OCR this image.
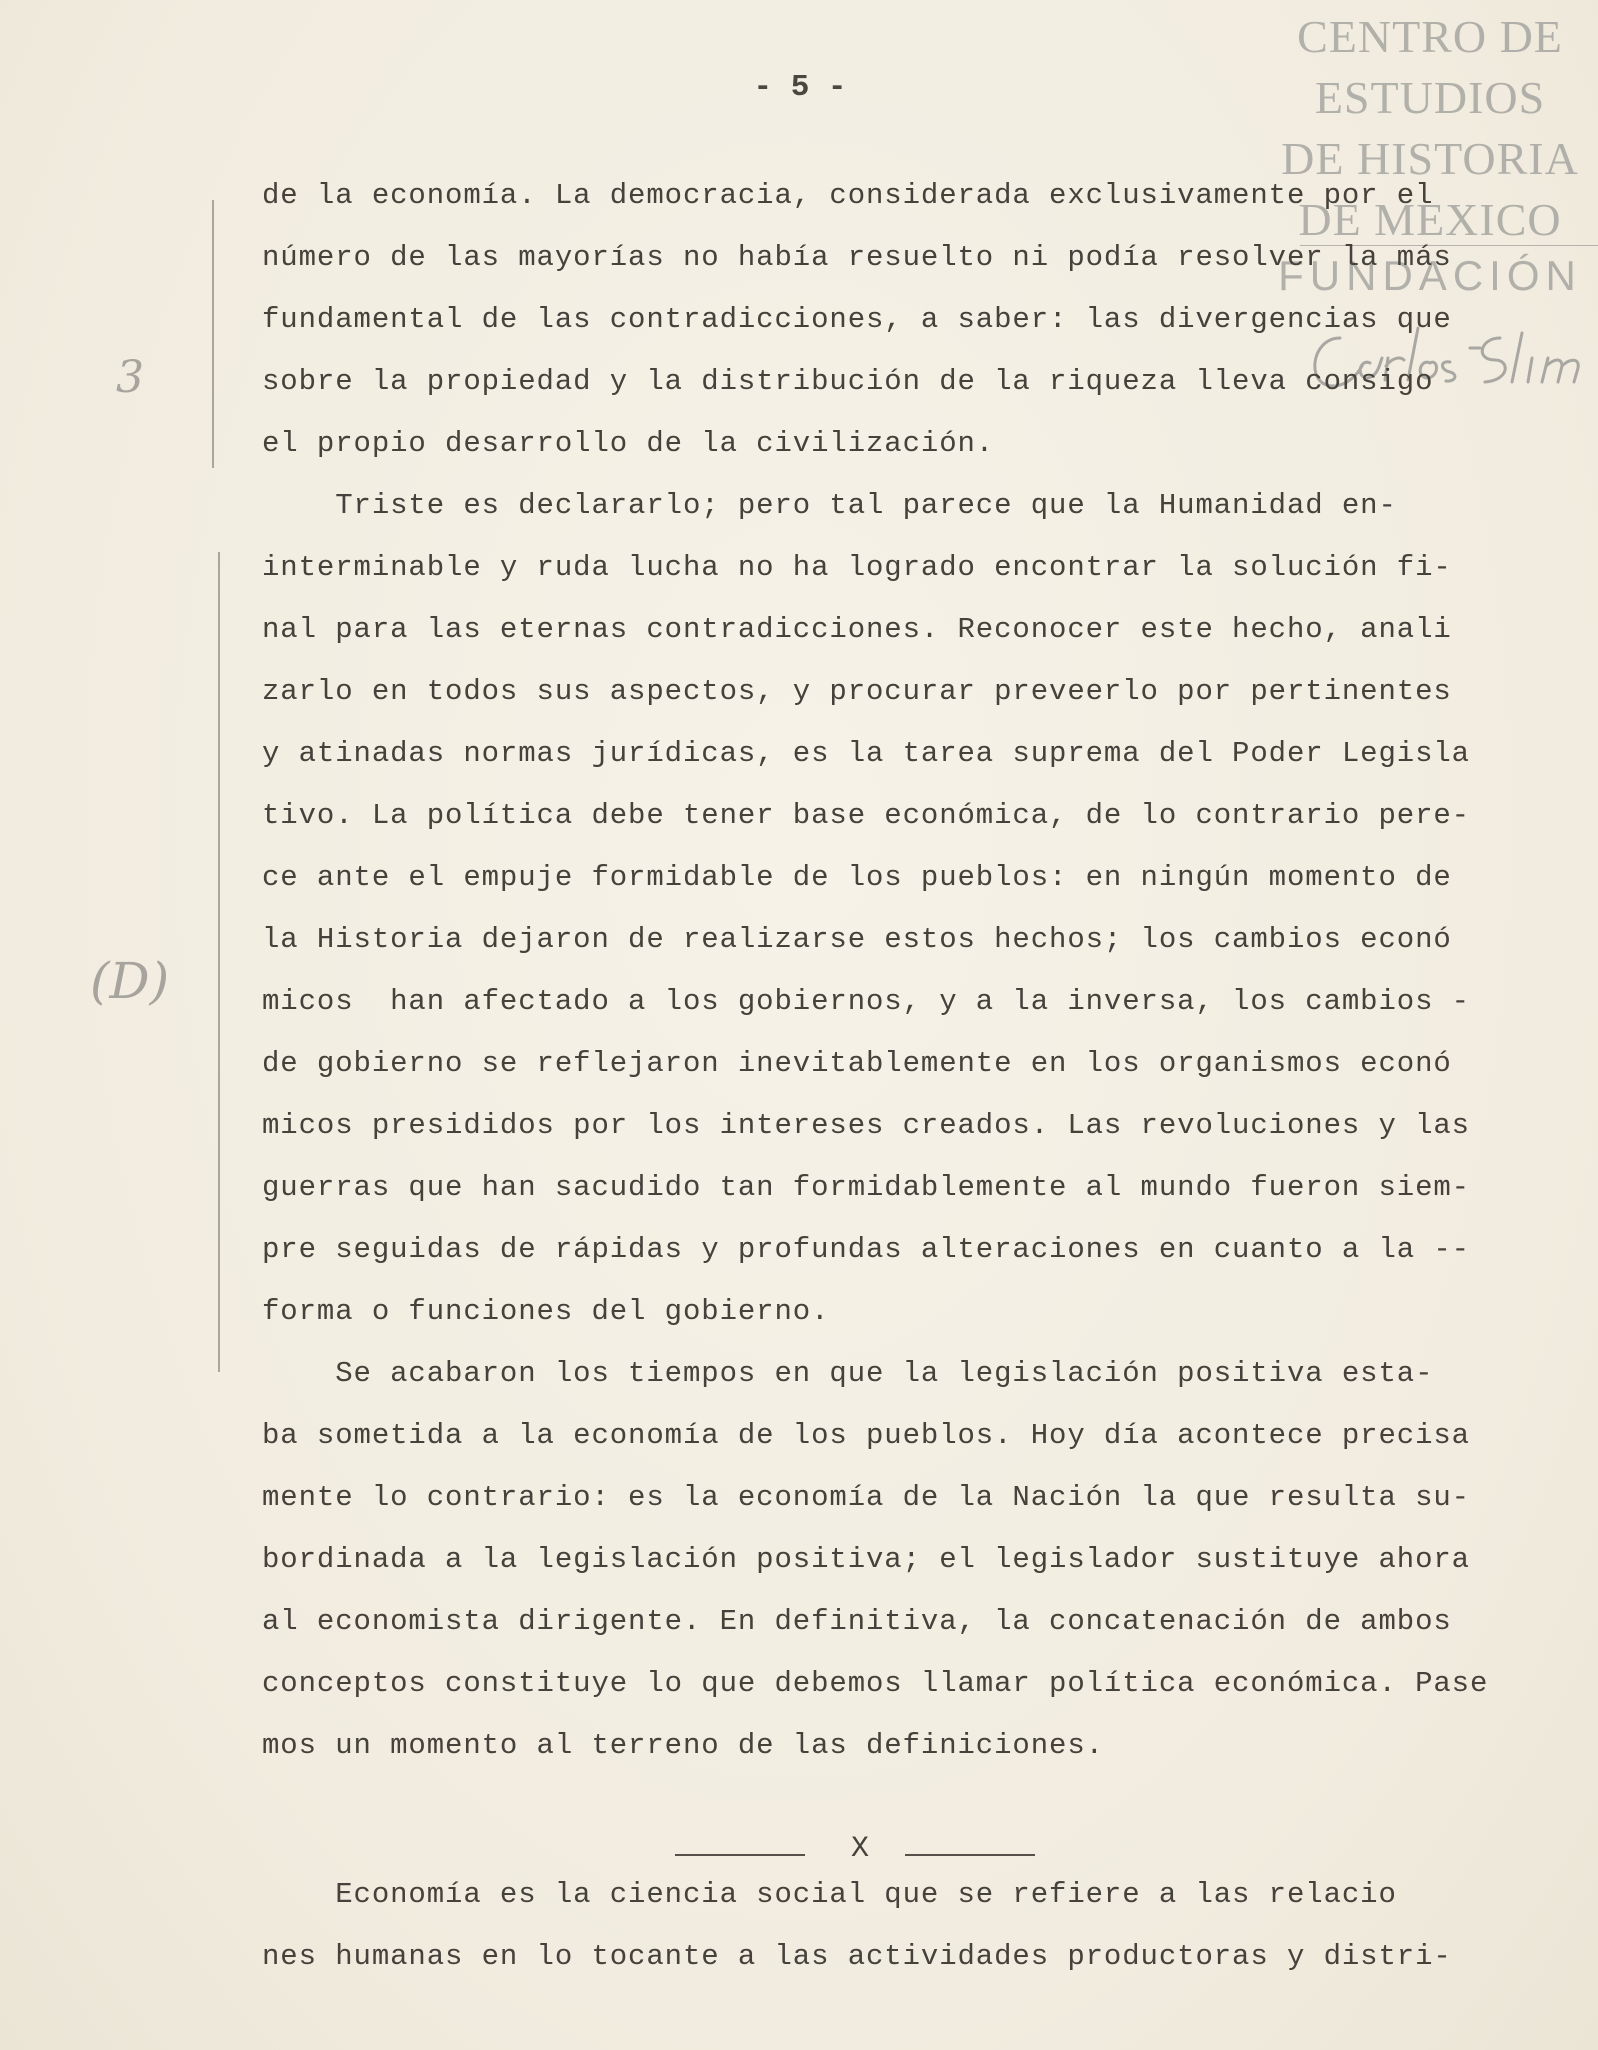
CENTRO DE
ESTUDIOS
DE HISTORIA
DE MEXICO
FUNDACIÓN
- 5 -
3
(D)
de la economía. La democracia, considerada exclusivamente por el
número de las mayorías no había resuelto ni podía resolver la más
fundamental de las contradicciones, a saber: las divergencias que
sobre la propiedad y la distribución de la riqueza lleva consigo
el propio desarrollo de la civilización.
Triste es declararlo; pero tal parece que la Humanidad en-
interminable y ruda lucha no ha logrado encontrar la solución fi-
nal para las eternas contradicciones. Reconocer este hecho, anali
zarlo en todos sus aspectos, y procurar preveerlo por pertinentes
y atinadas normas jurídicas, es la tarea suprema del Poder Legisla
tivo. La política debe tener base económica, de lo contrario pere-
ce ante el empuje formidable de los pueblos: en ningún momento de
la Historia dejaron de realizarse estos hechos; los cambios econó
micos  han afectado a los gobiernos, y a la inversa, los cambios -
de gobierno se reflejaron inevitablemente en los organismos econó
micos presididos por los intereses creados. Las revoluciones y las
guerras que han sacudido tan formidablemente al mundo fueron siem-
pre seguidas de rápidas y profundas alteraciones en cuanto a la --
forma o funciones del gobierno.
Se acabaron los tiempos en que la legislación positiva esta-
ba sometida a la economía de los pueblos. Hoy día acontece precisa
mente lo contrario: es la economía de la Nación la que resulta su-
bordinada a la legislación positiva; el legislador sustituye ahora
al economista dirigente. En definitiva, la concatenación de ambos
conceptos constituye lo que debemos llamar política económica. Pase
mos un momento al terreno de las definiciones.
X
Economía es la ciencia social que se refiere a las relacio
nes humanas en lo tocante a las actividades productoras y distri-
